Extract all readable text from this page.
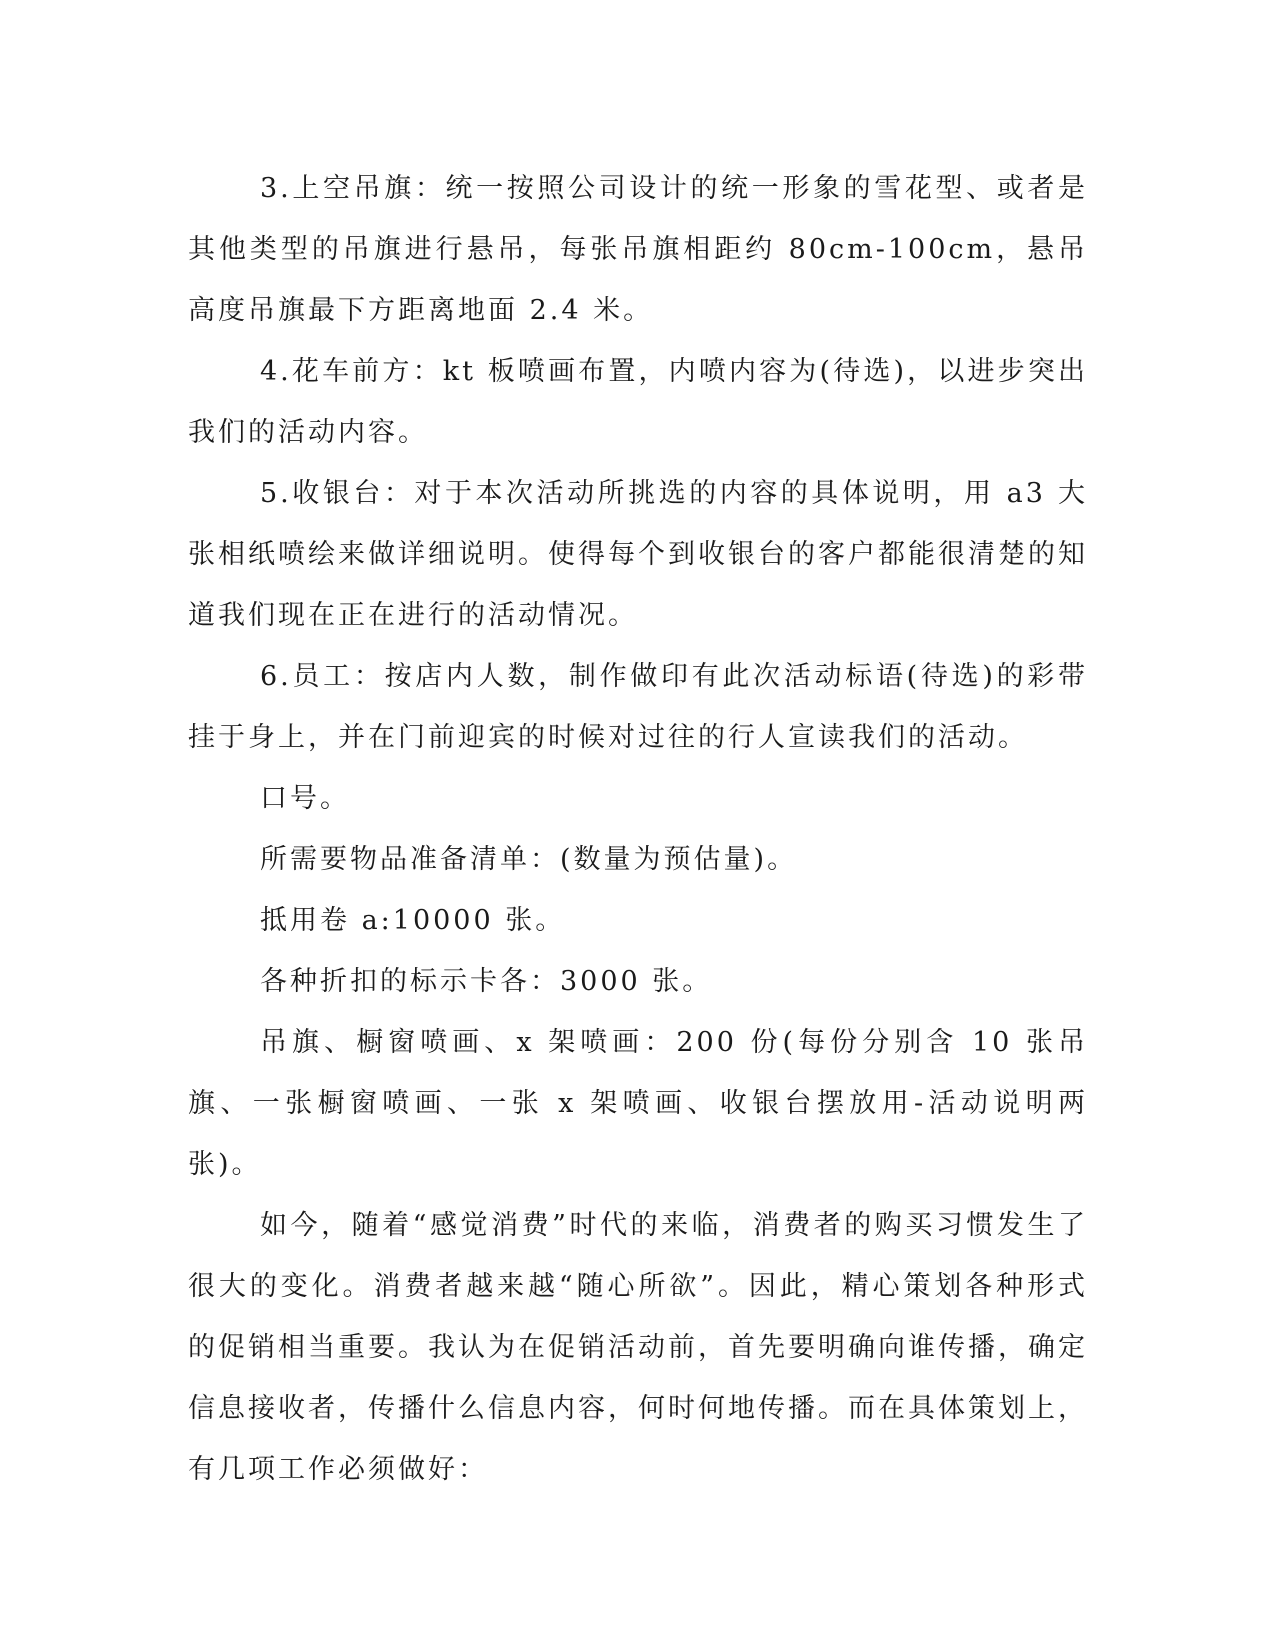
3.上空吊旗：统一按照公司设计的统一形象的雪花型、或者是其他类型的吊旗进行悬吊，每张吊旗相距约 80cm-100cm，悬吊高度吊旗最下方距离地面 2.4 米。

4.花车前方：kt 板喷画布置，内喷内容为(待选)，以进步突出我们的活动内容。

5.收银台：对于本次活动所挑选的内容的具体说明，用 a3 大张相纸喷绘来做详细说明。使得每个到收银台的客户都能很清楚的知道我们现在正在进行的活动情况。

6.员工：按店内人数，制作做印有此次活动标语(待选)的彩带挂于身上，并在门前迎宾的时候对过往的行人宣读我们的活动。

口号。

所需要物品准备清单：(数量为预估量)。

抵用卷 a:10000 张。

各种折扣的标示卡各：3000 张。

吊旗、橱窗喷画、x 架喷画：200 份(每份分别含 10 张吊旗、一张橱窗喷画、一张 x 架喷画、收银台摆放用-活动说明两张)。

如今，随着“感觉消费”时代的来临，消费者的购买习惯发生了很大的变化。消费者越来越“随心所欲”。因此，精心策划各种形式的促销相当重要。我认为在促销活动前，首先要明确向谁传播，确定信息接收者，传播什么信息内容，何时何地传播。而在具体策划上，有几项工作必须做好：
